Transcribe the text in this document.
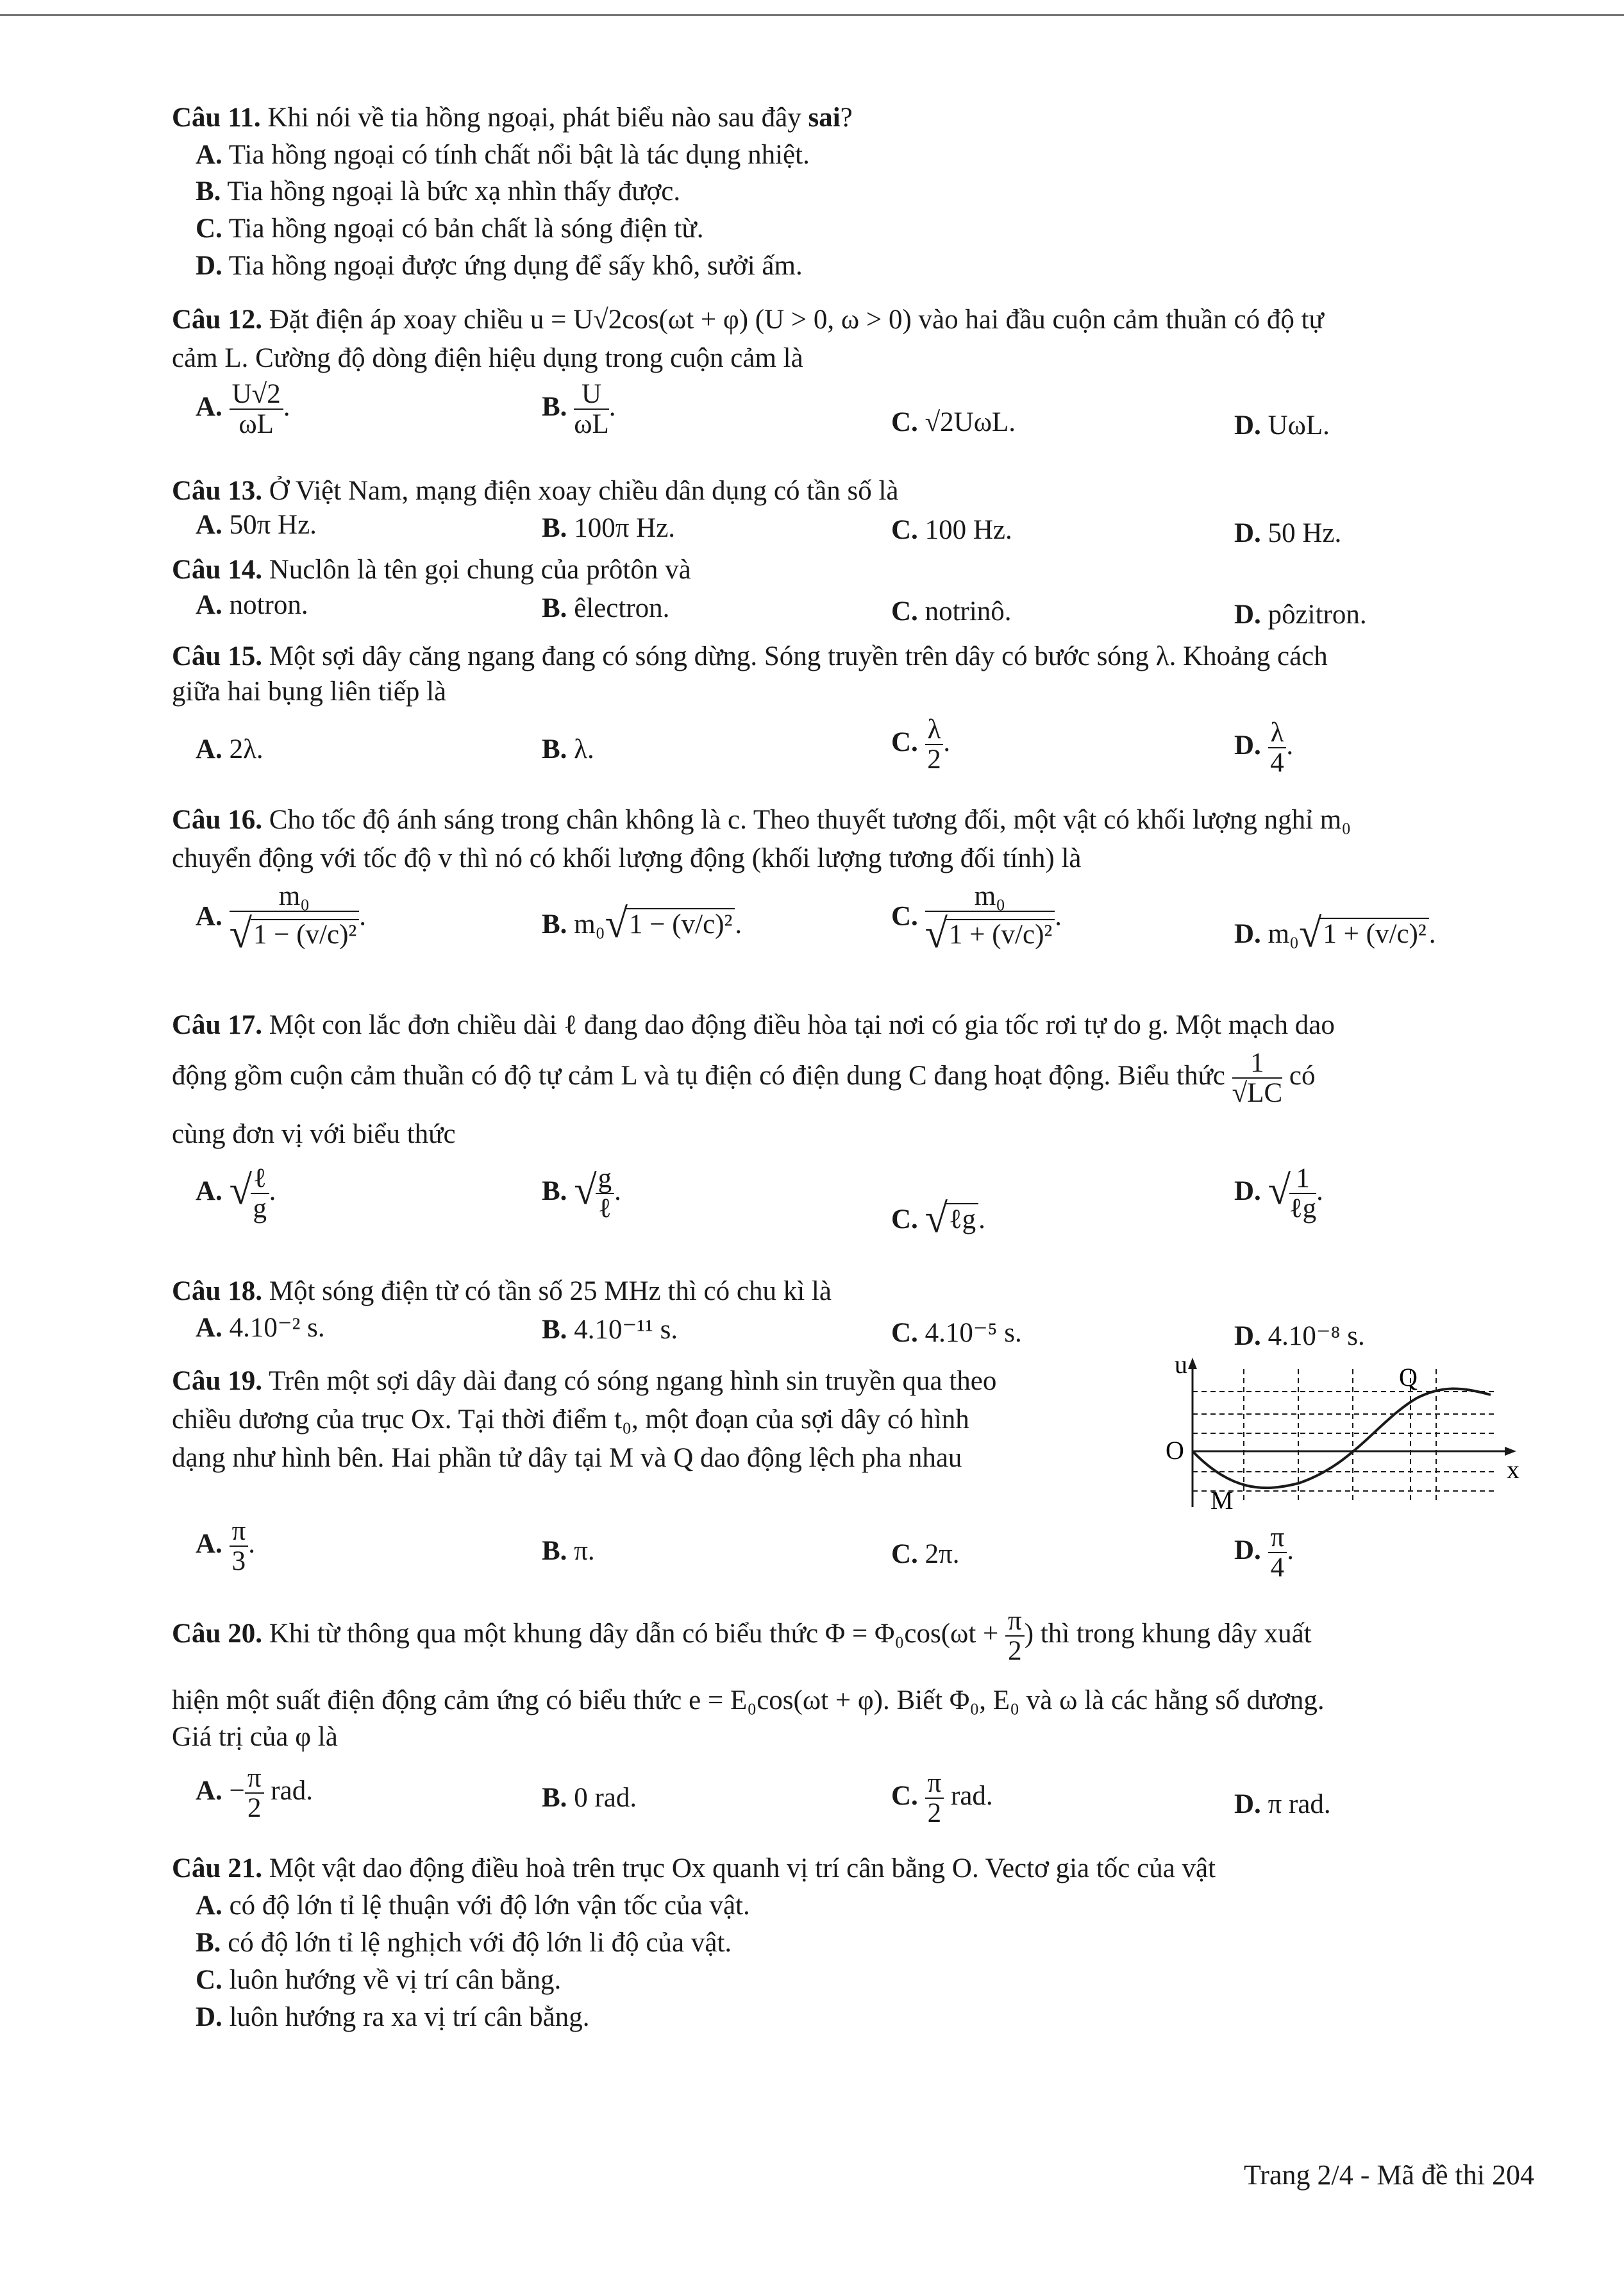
Câu 11. Khi nói về tia hồng ngoại, phát biểu nào sau đây sai?
A. Tia hồng ngoại có tính chất nổi bật là tác dụng nhiệt.
B. Tia hồng ngoại là bức xạ nhìn thấy được.
C. Tia hồng ngoại có bản chất là sóng điện từ.
D. Tia hồng ngoại được ứng dụng để sấy khô, sưởi ấm.
Câu 12. Đặt điện áp xoay chiều u = U√2cos(ωt + φ) (U > 0, ω > 0) vào hai đầu cuộn cảm thuần có độ tự
cảm L. Cường độ dòng điện hiệu dụng trong cuộn cảm là
A. $\frac{U√2}{\omega L}$ .	B. $\frac{U}{\omega L}$ .
C. √2UωL.	D. UωL.
Câu 13. Ở Việt Nam, mạng điện xoay chiều dân dụng có tần số là
A. 50π Hz.	B. 100π Hz.	C. 100 Hz.	D. 50 Hz.
Câu 14. Nuclôn là tên gọi chung của prôtôn và
A. notron.	B. êlectron.	C. notrinô.	D. pôzitron.
Câu 15. Một sợi dây căng ngang đang có sóng dừng. Sóng truyền trên dây có bước sóng λ. Khoảng cách
giữa hai bụng liên tiếp là
A. 2λ.	B. λ.	C. $\frac{\lambda}{2}$ .	D. $\frac{\lambda}{4}$ .
Câu 16. Cho tốc độ ánh sáng trong chân không là c. Theo thuyết tương đối, một vật có khối lượng nghỉ m₀
chuyển động với tốc độ v thì nó có khối lượng động (khối lượng tương đối tính) là
A. $\frac{\text{m₀}}{\text{√1 − (v/c)²}}$ .	B. m₀√1 − (v/c)².	C. $\frac{\text{m₀}}{\text{√1 + (v/c)²}}$ .
D. m₀√1 + (v/c)².
Câu 17. Một con lắc đơn chiều dài ℓ đang dao động điều hòa tại nơi có gia tốc rơi tự do g. Một mạch dao
động gồm cuộn cảm thuần có độ tự cảm L và tụ điện có điện dung C đang hoạt động. Biểu thức $\frac{1}{√LC}$ có
cùng đơn vị với biểu thức
A. √
$\frac{\text{ℓ}}{g}$ .	B. √
$\frac{g}{\text{ℓ}}$ .
C. √ℓg.
D. √
$\frac{1}{\text{ℓg}}$ .
Câu 18. Một sóng điện từ có tần số 25 MHz thì có chu kì là
A. 4.10⁻² s.	B. 4.10⁻¹¹ s.	C. 4.10⁻⁵ s.	D. 4.10⁻⁸ s.
Câu 19. Trên một sợi dây dài đang có sóng ngang hình sin truyền qua theo
chiều dương của trục Ox. Tại thời điểm t₀, một đoạn của sợi dây có hình
dạng như hình bên. Hai phần tử dây tại M và Q dao động lệch pha nhau
u
O
x
M
Q
A. $\frac{\pi}{3}$ .	B. π.	C. 2π.	D. $\frac{\pi}{4}$ .
Câu 20. Khi từ thông qua một khung dây dẫn có biểu thức $\Phi = \Phi_0\cos(\omega t + \frac{\pi}{2}$ ) thì trong khung dây xuất
hiện một suất điện động cảm ứng có biểu thức e = E₀cos(ωt + φ). Biết Φ₀, E₀ và ω là các hằng số dương.
Giá trị của φ là
A. − $\frac{\pi}{2}$ rad.	B. 0 rad.	C. $\frac{\pi}{2}$ rad.	D. π rad.
Câu 21. Một vật dao động điều hoà trên trục Ox quanh vị trí cân bằng O. Vectơ gia tốc của vật
A. có độ lớn tỉ lệ thuận với độ lớn vận tốc của vật.
B. có độ lớn tỉ lệ nghịch với độ lớn li độ của vật.
C. luôn hướng về vị trí cân bằng.
D. luôn hướng ra xa vị trí cân bằng.
Trang 2/4 - Mã đề thi 204
